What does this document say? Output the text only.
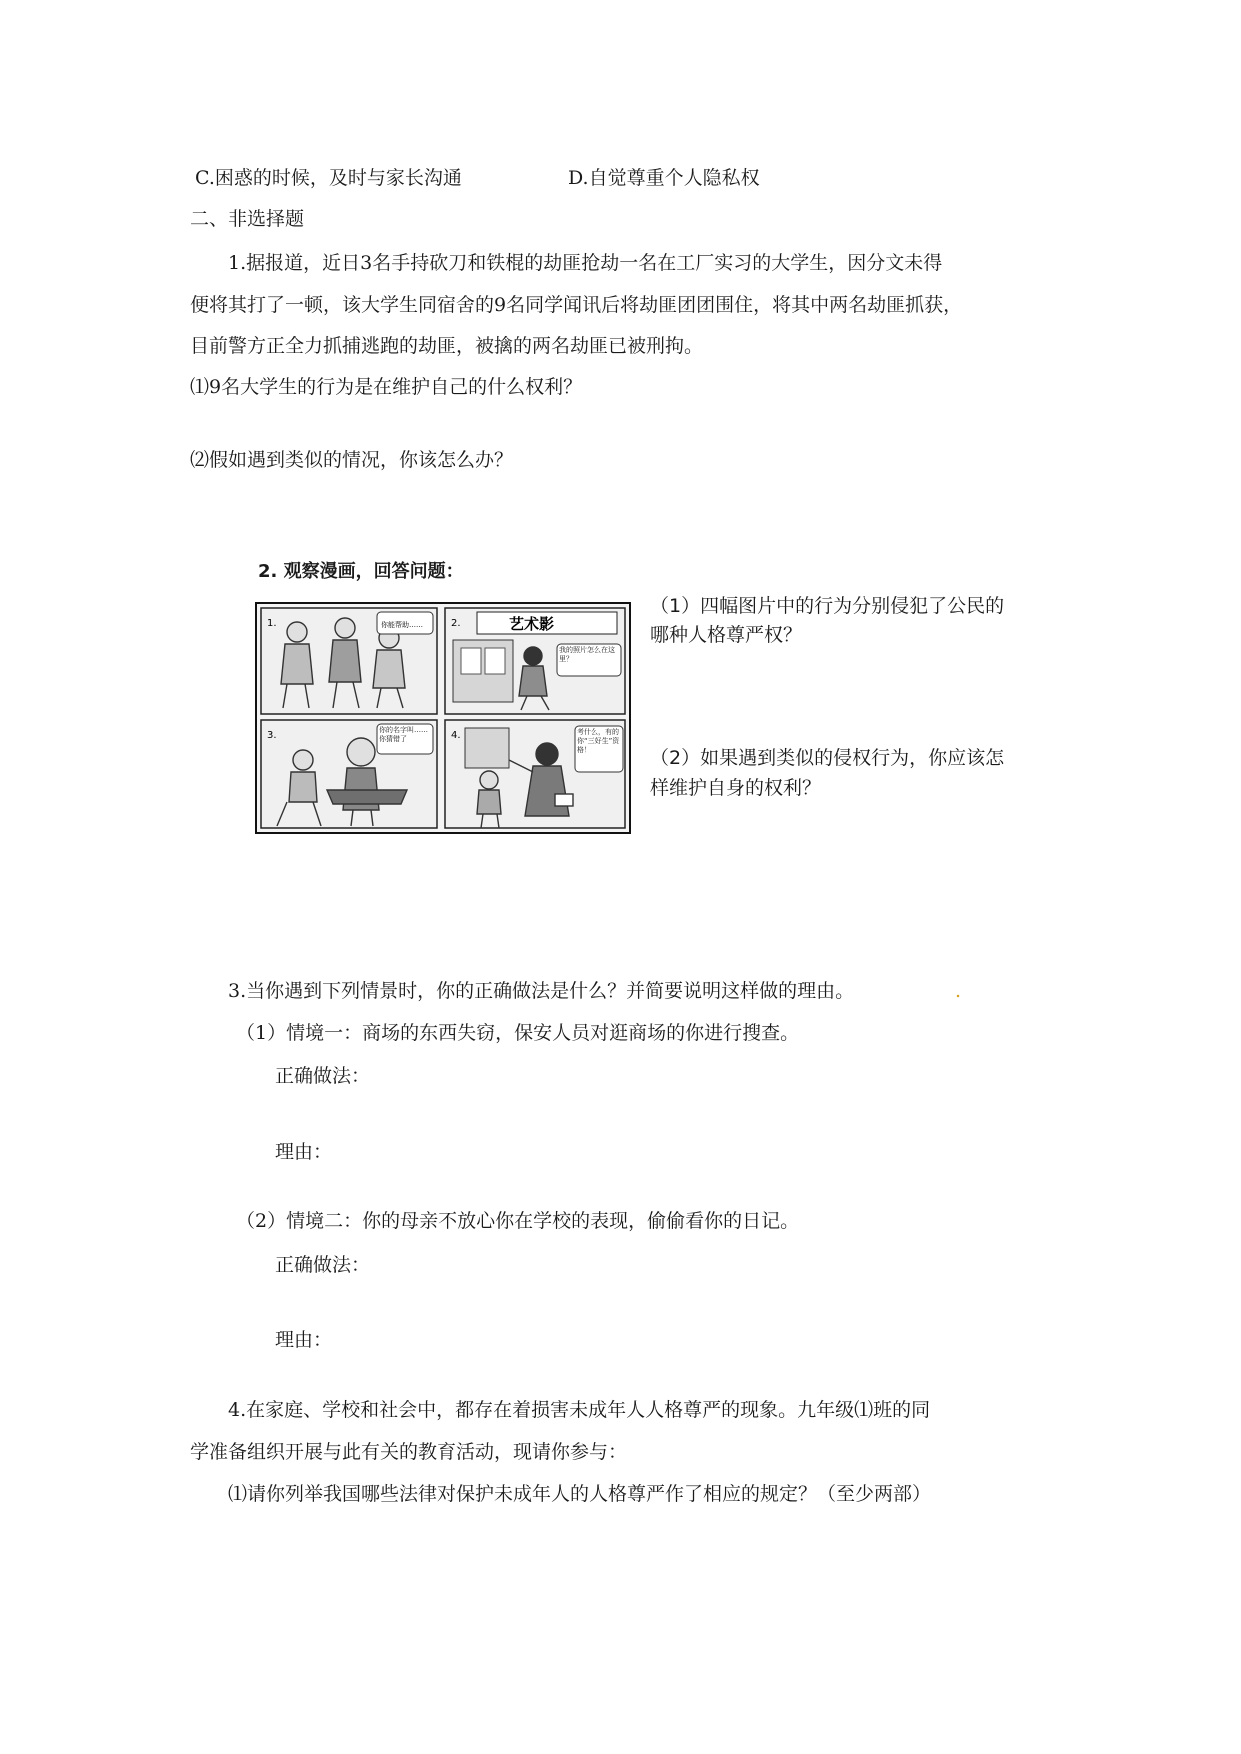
C.困惑的时候，及时与家长沟通	D.自觉尊重个人隐私权
二、非选择题
1.据报道，近日3名手持砍刀和铁棍的劫匪抢劫一名在工厂实习的大学生，因分文未得
便将其打了一顿，该大学生同宿舍的9名同学闻讯后将劫匪团团围住，将其中两名劫匪抓获，
目前警方正全力抓捕逃跑的劫匪，被擒的两名劫匪已被刑拘。
⑴9名大学生的行为是在维护自己的什么权利？
⑵假如遇到类似的情况，你该怎么办？
2. 观察漫画，回答问题：
1.	你能帮助……	2.	艺术影
我的照片怎么在这里？
3.	你的名字叫……你猜错了	4.	考什么，有的你“三好生”资格！
（1）四幅图片中的行为分别侵犯了公民的
哪种人格尊严权？
（2）如果遇到类似的侵权行为，你应该怎
样维护自身的权利？
3.当你遇到下列情景时，你的正确做法是什么？并简要说明这样做的理由。	.
（1）情境一：商场的东西失窃，保安人员对逛商场的你进行搜查。
正确做法：
理由：
（2）情境二：你的母亲不放心你在学校的表现，偷偷看你的日记。
正确做法：
理由：
4.在家庭、学校和社会中，都存在着损害未成年人人格尊严的现象。九年级⑴班的同
学准备组织开展与此有关的教育活动，现请你参与：
⑴请你列举我国哪些法律对保护未成年人的人格尊严作了相应的规定？（至少两部）
